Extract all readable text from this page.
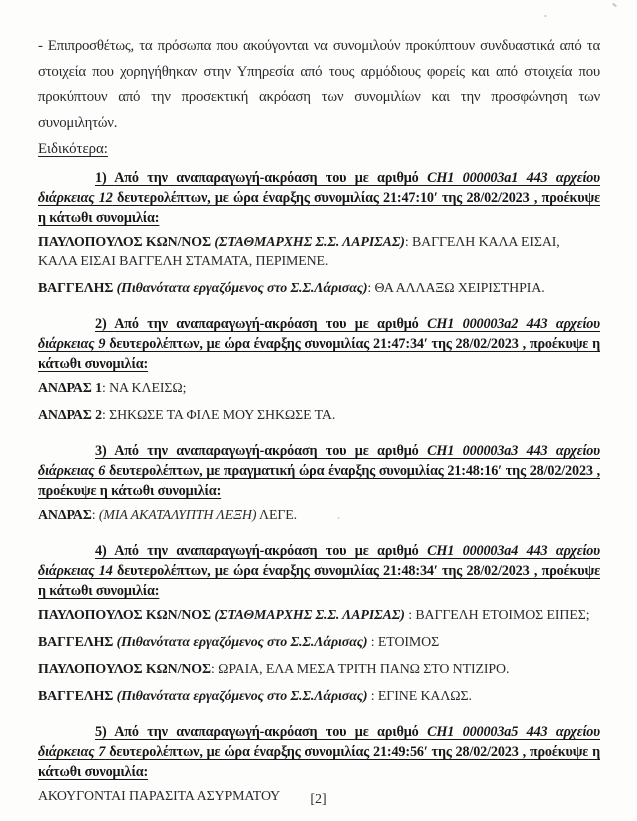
- Επιπροσθέτως, τα πρόσωπα που ακούγονται να συνομιλούν προκύπτουν συνδυαστικά από τα στοιχεία που χορηγήθηκαν στην Υπηρεσία από τους αρμόδιους φορείς και από στοιχεία που προκύπτουν από την προσεκτική ακρόαση των συνομιλίων και την προσφώνηση των συνομιλητών.

Ειδικότερα:

1) Από την αναπαραγωγή-ακρόαση του με αριθμό CH1 000003a1 443 αρχείου διάρκειας 12 δευτερολέπτων, με ώρα έναρξης συνομιλίας 21:47:10′ της 28/02/2023 , προέκυψε η κάτωθι συνομιλία:

ΠΑΥΛΟΠΟΥΛΟΣ ΚΩΝ/ΝΟΣ (ΣΤΑΘΜΑΡΧΗΣ Σ.Σ. ΛΑΡΙΣΑΣ): ΒΑΓΓΕΛΗ ΚΑΛΑ ΕΙΣΑΙ, ΚΑΛΑ ΕΙΣΑΙ ΒΑΓΓΕΛΗ ΣΤΑΜΑΤΑ, ΠΕΡΙΜΕΝΕ.

ΒΑΓΓΕΛΗΣ (Πιθανότατα εργαζόμενος στο Σ.Σ.Λάρισας): ΘΑ ΑΛΛΑΞΩ ΧΕΙΡΙΣΤΗΡΙΑ.

2) Από την αναπαραγωγή-ακρόαση του με αριθμό CH1 000003a2 443 αρχείου διάρκειας 9 δευτερολέπτων, με ώρα έναρξης συνομιλίας 21:47:34′ της 28/02/2023 , προέκυψε η κάτωθι συνομιλία:

ΑΝΔΡΑΣ 1: ΝΑ ΚΛΕΙΣΩ;

ΑΝΔΡΑΣ 2: ΣΗΚΩΣΕ ΤΑ ΦΙΛΕ ΜΟΥ ΣΗΚΩΣΕ ΤΑ.

3) Από την αναπαραγωγή-ακρόαση του με αριθμό CH1 000003a3 443 αρχείου διάρκειας 6 δευτερολέπτων, με πραγματική ώρα έναρξης συνομιλίας 21:48:16′ της 28/02/2023 , προέκυψε η κάτωθι συνομιλία:

ΑΝΔΡΑΣ: (ΜΙΑ ΑΚΑΤΑΛΥΠΤΗ ΛΕΞΗ) ΛΕΓΕ.

4) Από την αναπαραγωγή-ακρόαση του με αριθμό CH1 000003a4 443 αρχείου διάρκειας 14 δευτερολέπτων, με ώρα έναρξης συνομιλίας 21:48:34′ της 28/02/2023 , προέκυψε η κάτωθι συνομιλία:

ΠΑΥΛΟΠΟΥΛΟΣ ΚΩΝ/ΝΟΣ (ΣΤΑΘΜΑΡΧΗΣ Σ.Σ. ΛΑΡΙΣΑΣ) : ΒΑΓΓΕΛΗ ΕΤΟΙΜΟΣ ΕΙΠΕΣ;

ΒΑΓΓΕΛΗΣ (Πιθανότατα εργαζόμενος στο Σ.Σ.Λάρισας) : ΕΤΟΙΜΟΣ

ΠΑΥΛΟΠΟΥΛΟΣ ΚΩΝ/ΝΟΣ: ΩΡΑΙΑ, ΕΛΑ ΜΕΣΑ ΤΡΙΤΗ ΠΑΝΩ ΣΤΟ ΝΤΙΖΙΡΟ.

ΒΑΓΓΕΛΗΣ (Πιθανότατα εργαζόμενος στο Σ.Σ.Λάρισας) : ΕΓΙΝΕ ΚΑΛΩΣ.

5) Από την αναπαραγωγή-ακρόαση του με αριθμό CH1 000003a5 443 αρχείου διάρκειας 7 δευτερολέπτων, με ώρα έναρξης συνομιλίας 21:49:56′ της 28/02/2023 , προέκυψε η κάτωθι συνομιλία:

ΑΚΟΥΓΟΝΤΑΙ ΠΑΡΑΣΙΤΑ ΑΣΥΡΜΑΤΟΥ	[2]
